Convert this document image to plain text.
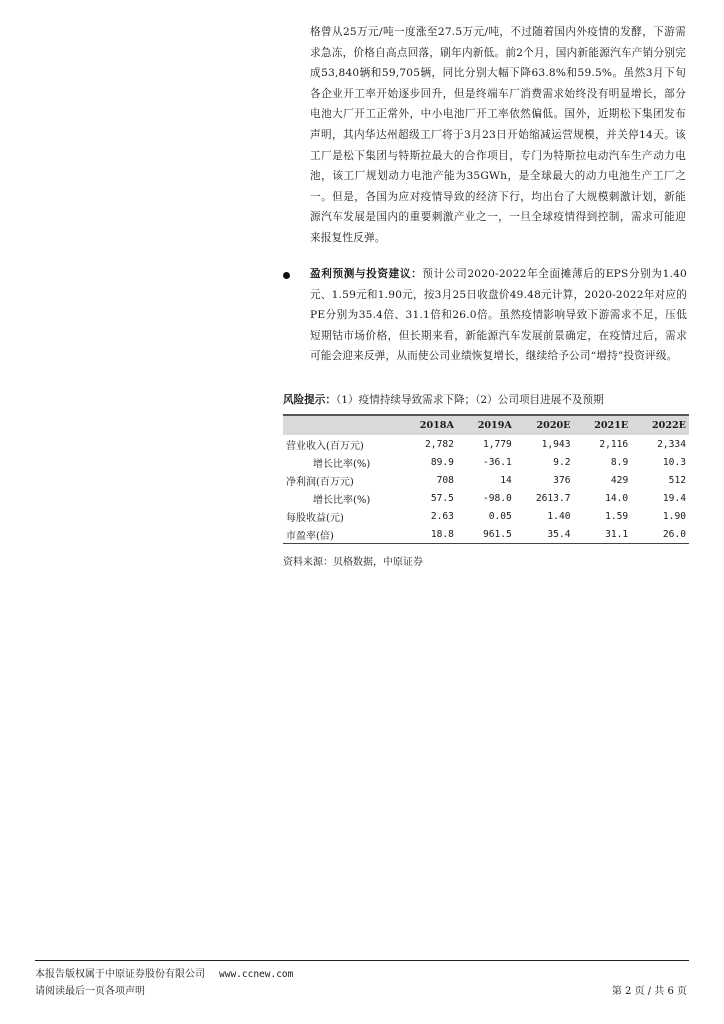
格曾从25万元/吨一度涨至27.5万元/吨，不过随着国内外疫情的发酵，下游需求急冻，价格自高点回落，刷年内新低。前2个月，国内新能源汽车产销分别完成53,840辆和59,705辆，同比分别大幅下降63.8%和59.5%。虽然3月下旬各企业开工率开始逐步回升，但是终端车厂消费需求始终没有明显增长，部分电池大厂开工正常外，中小电池厂开工率依然偏低。国外，近期松下集团发布声明，其内华达州超级工厂将于3月23日开始缩减运营规模，并关停14天。该工厂是松下集团与特斯拉最大的合作项目，专门为特斯拉电动汽车生产动力电池，该工厂规划动力电池产能为35GWh，是全球最大的动力电池生产工厂之一。但是，各国为应对疫情导致的经济下行，均出台了大规模刺激计划，新能源汽车发展是国内的重要刺激产业之一，一旦全球疫情得到控制，需求可能迎来报复性反弹。

盈利预测与投资建议：预计公司2020-2022年全面摊薄后的EPS分别为1.40元、1.59元和1.90元，按3月25日收盘价49.48元计算，2020-2022年对应的PE分别为35.4倍、31.1倍和26.0倍。虽然疫情影响导致下游需求不足，压低短期钴市场价格，但长期来看，新能源汽车发展前景确定，在疫情过后，需求可能会迎来反弹，从而使公司业绩恢复增长，继续给予公司“增持”投资评级。

风险提示：（1）疫情持续导致需求下降；（2）公司项目进展不及预期

	2018A	2019A	2020E	2021E	2022E
营业收入(百万元)	2,782	1,779	1,943	2,116	2,334
增长比率(%)	89.9	-36.1	9.2	8.9	10.3
净利润(百万元)	708	14	376	429	512
增长比率(%)	57.5	-98.0	2613.7	14.0	19.4
每股收益(元)	2.63	0.05	1.40	1.59	1.90
市盈率(倍)	18.8	961.5	35.4	31.1	26.0

资料来源：贝格数据，中原证券

本报告版权属于中原证券股份有限公司 www.ccnew.com
请阅读最后一页各项声明	第 2 页 / 共 6 页
